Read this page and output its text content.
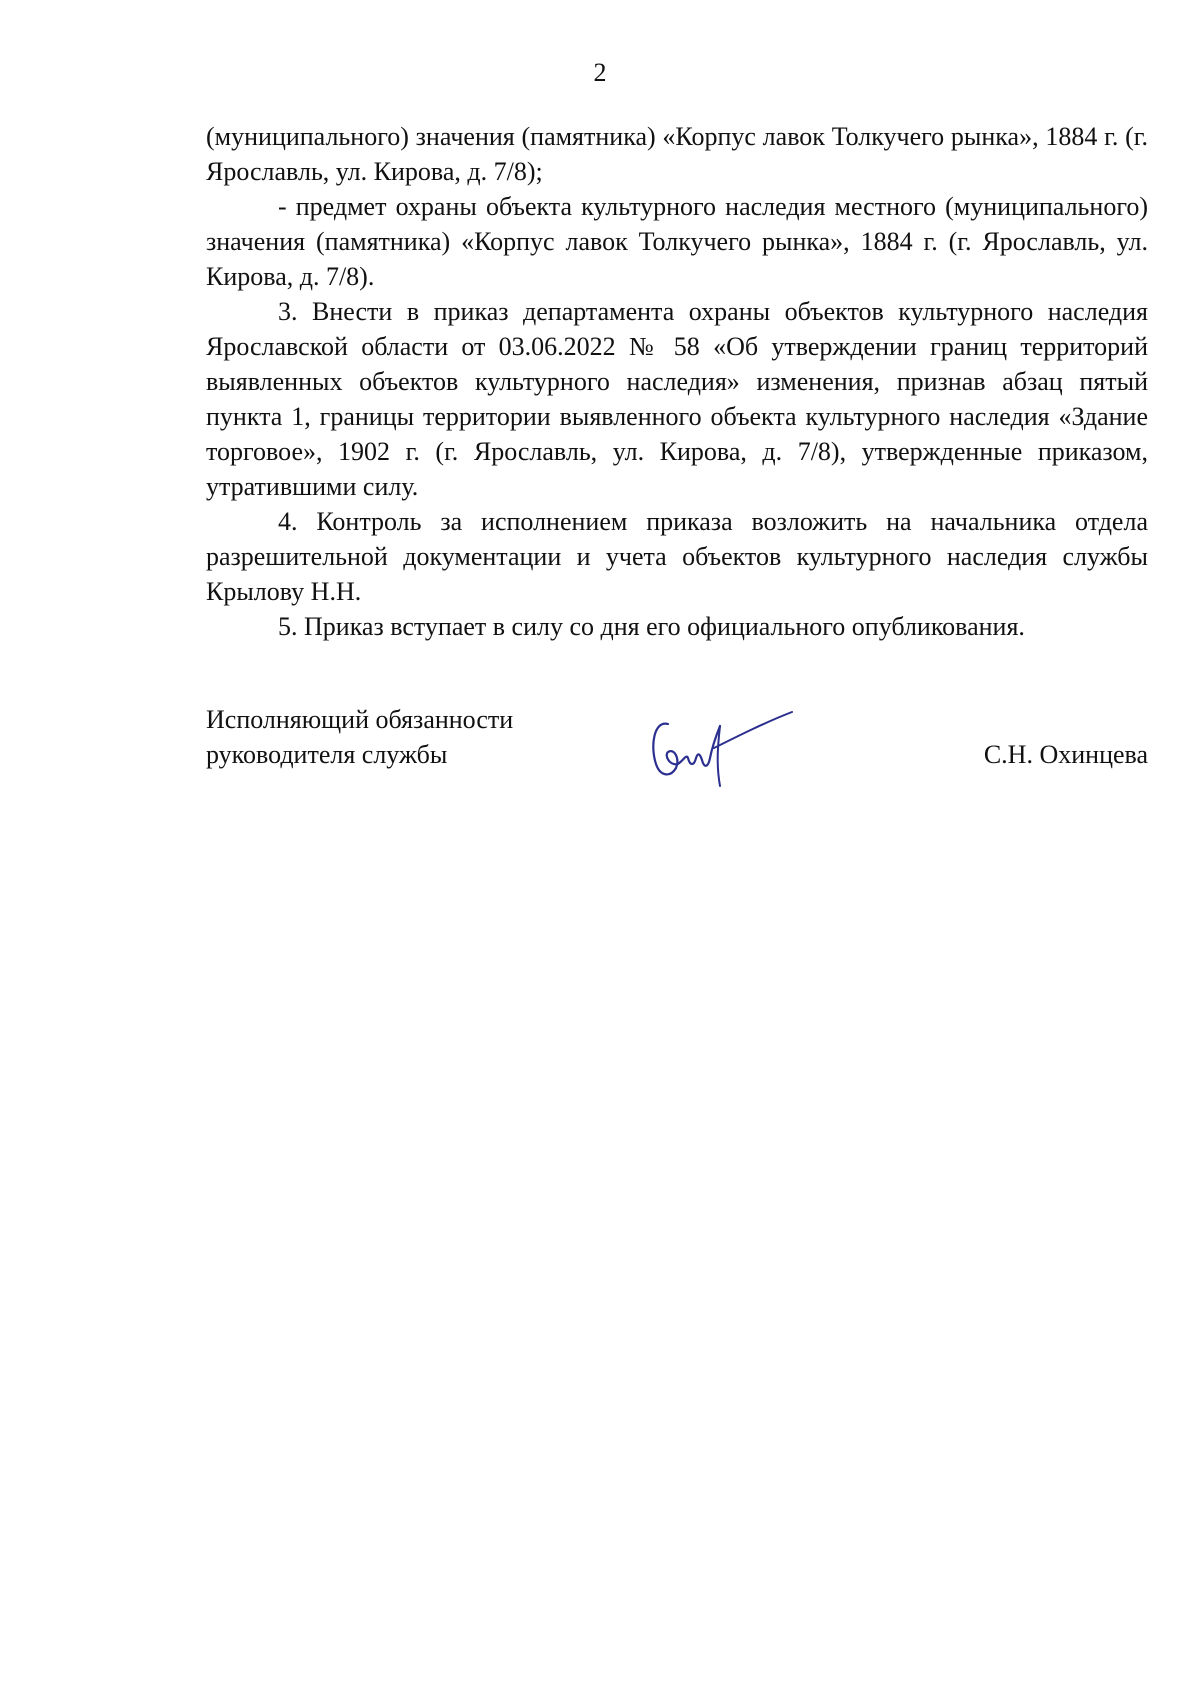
2

(муниципального) значения (памятника) «Корпус лавок Толкучего рынка», 1884 г. (г. Ярославль, ул. Кирова, д. 7/8);

- предмет охраны объекта культурного наследия местного (муниципального) значения (памятника) «Корпус лавок Толкучего рынка», 1884 г. (г. Ярославль, ул. Кирова, д. 7/8).

3. Внести в приказ департамента охраны объектов культурного наследия Ярославской области от 03.06.2022 № 58 «Об утверждении границ территорий выявленных объектов культурного наследия» изменения, признав абзац пятый пункта 1, границы территории выявленного объекта культурного наследия «Здание торговое», 1902 г. (г. Ярославль, ул. Кирова, д. 7/8), утвержденные приказом, утратившими силу.

4. Контроль за исполнением приказа возложить на начальника отдела разрешительной документации и учета объектов культурного наследия службы Крылову Н.Н.

5. Приказ вступает в силу со дня его официального опубликования.

Исполняющий обязанности
руководителя службы	С.Н. Охинцева
